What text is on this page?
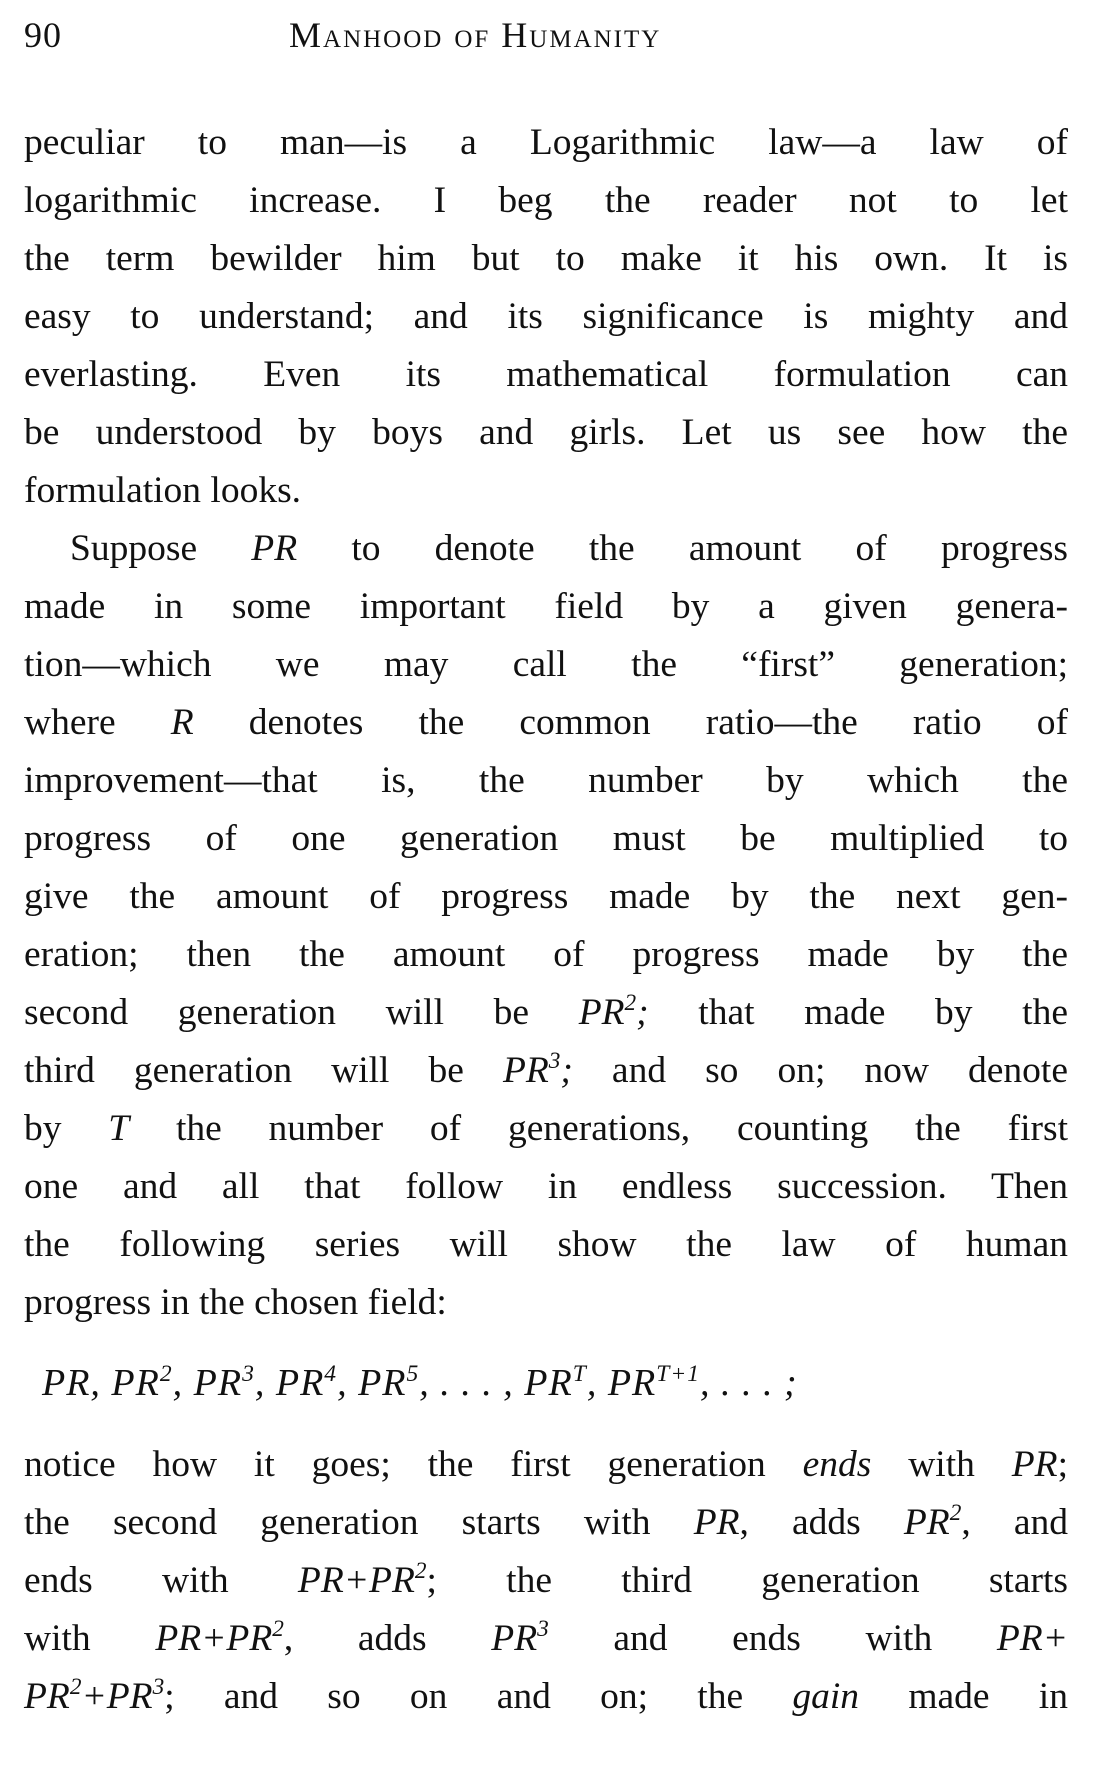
90	Manhood of Humanity
peculiar to man—is a Logarithmic law—a law of
logarithmic increase. I beg the reader not to let
the term bewilder him but to make it his own. It is
easy to understand; and its significance is mighty and
everlasting. Even its mathematical formulation can
be understood by boys and girls. Let us see how the
formulation looks.
Suppose PR to denote the amount of progress
made in some important field by a given genera-
tion—which we may call the “first” generation;
where R denotes the common ratio—the ratio of
improvement—that is, the number by which the
progress of one generation must be multiplied to
give the amount of progress made by the next gen-
eration; then the amount of progress made by the
second generation will be $PR^2$; that made by the
third generation will be $PR^3$; and so on; now denote
by T the number of generations, counting the first
one and all that follow in endless succession. Then
the following series will show the law of human
progress in the chosen field:
PR, $PR^2$, $PR^3$, $PR^4$, $PR^5$, . . . , $PR^T$, $PR^{T+1}$, . . . ;
notice how it goes; the first generation ends with PR;
the second generation starts with PR, adds $PR^2$, and
ends with $PR+PR^2$; the third generation starts
with $PR+PR^2$, adds $PR^3$ and ends with PR+
$PR^2+PR^3$; and so on and on; the gain made in
